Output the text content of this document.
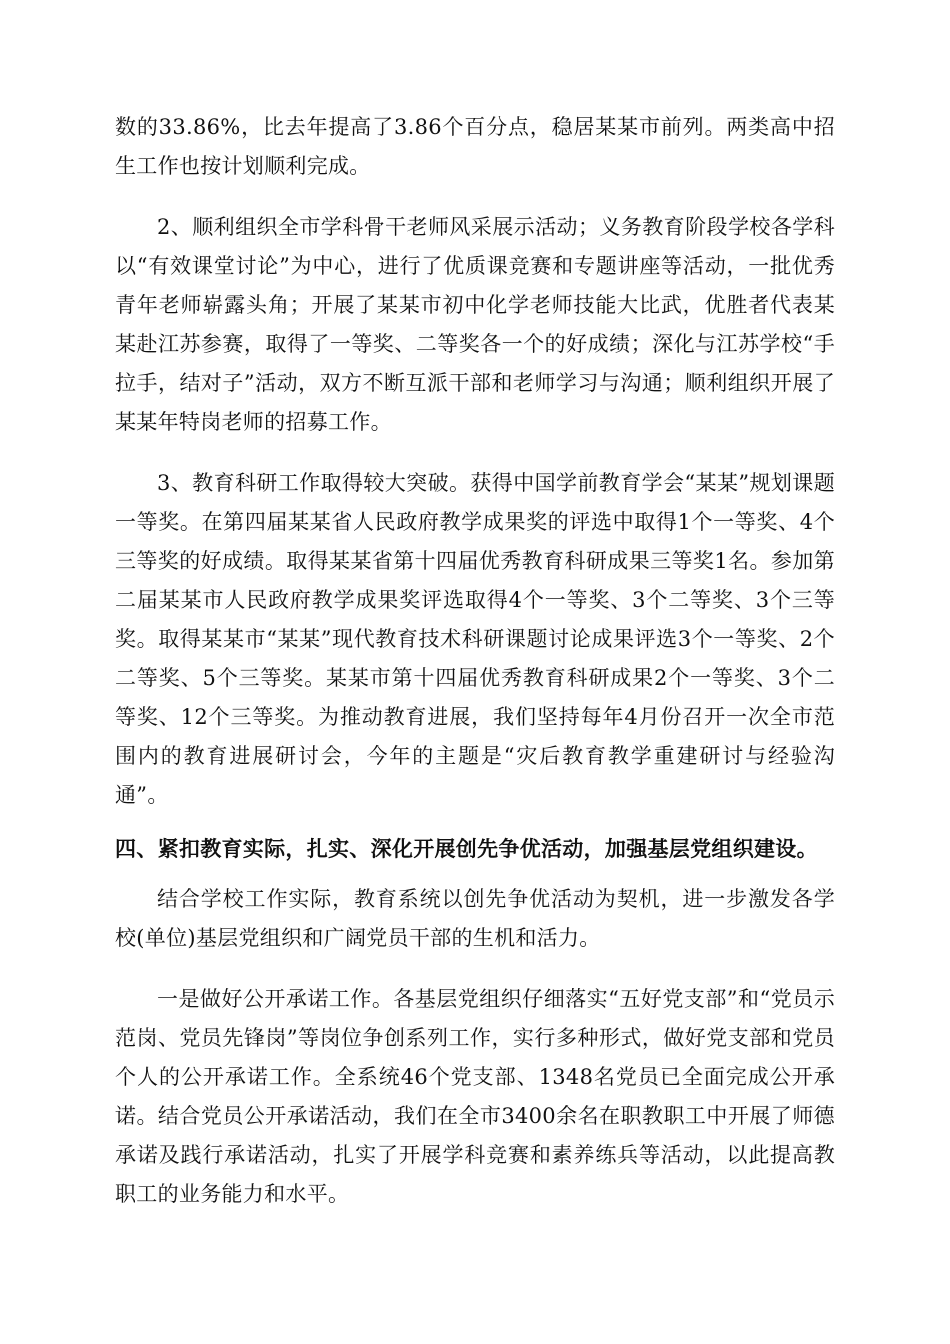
数的33.86%，比去年提高了3.86个百分点，稳居某某市前列。两类高中招生工作也按计划顺利完成。

2、顺利组织全市学科骨干老师风采展示活动；义务教育阶段学校各学科以“有效课堂讨论”为中心，进行了优质课竞赛和专题讲座等活动，一批优秀青年老师崭露头角；开展了某某市初中化学老师技能大比武，优胜者代表某某赴江苏参赛，取得了一等奖、二等奖各一个的好成绩；深化与江苏学校“手拉手，结对子”活动，双方不断互派干部和老师学习与沟通；顺利组织开展了某某年特岗老师的招募工作。

3、教育科研工作取得较大突破。获得中国学前教育学会“某某”规划课题一等奖。在第四届某某省人民政府教学成果奖的评选中取得1个一等奖、4个三等奖的好成绩。取得某某省第十四届优秀教育科研成果三等奖1名。参加第二届某某市人民政府教学成果奖评选取得4个一等奖、3个二等奖、3个三等奖。取得某某市“某某”现代教育技术科研课题讨论成果评选3个一等奖、2个二等奖、5个三等奖。某某市第十四届优秀教育科研成果2个一等奖、3个二等奖、12个三等奖。为推动教育进展，我们坚持每年4月份召开一次全市范围内的教育进展研讨会，今年的主题是“灾后教育教学重建研讨与经验沟通”。

四、紧扣教育实际，扎实、深化开展创先争优活动，加强基层党组织建设。

结合学校工作实际，教育系统以创先争优活动为契机，进一步激发各学校(单位)基层党组织和广阔党员干部的生机和活力。

一是做好公开承诺工作。各基层党组织仔细落实“五好党支部”和“党员示范岗、党员先锋岗”等岗位争创系列工作，实行多种形式，做好党支部和党员个人的公开承诺工作。全系统46个党支部、1348名党员已全面完成公开承诺。结合党员公开承诺活动，我们在全市3400余名在职教职工中开展了师德承诺及践行承诺活动，扎实了开展学科竞赛和素养练兵等活动，以此提高教职工的业务能力和水平。
